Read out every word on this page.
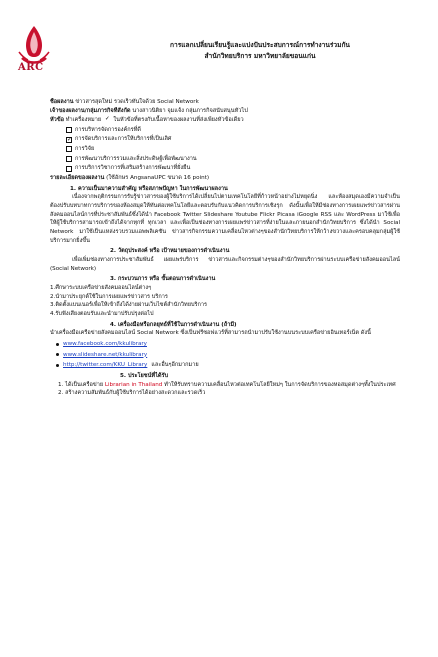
ARC
การแลกเปลี่ยนเรียนรู้และแบ่งปันประสบการณ์การทำงานร่วมกัน
สำนักวิทยบริการ มหาวิทยาลัยขอนแก่น
ชื่อผลงาน ข่าวสารสุดใหม่ รวดเร็วทันใจด้วย Social Network
เจ้าของผลงาน/กลุ่มภารกิจที่สังกัด นางสาวนิติยา จุมแจ้ง กลุ่มภารกิจสนับสนุนทั่วไป
หัวข้อ ทำเครื่องหมาย ✓ ในหัวข้อที่ตรงกับเนื้อหาของผลงานที่ส่งเพียงหัวข้อเดียว
การบริหารจัดการองค์กรที่ดี
✓
การจัดบริการและการให้บริการที่เป็นเลิศ
การวิจัย
การพัฒนาบริการรวมและสิ่งประดิษฐ์เพื่อพัฒนางาน
การบริการวิชาการที่เสริมสร้างการพัฒนาที่ยั่งยืน
รายละเอียดของผลงาน (ใช้อักษร AngsanaUPC ขนาด 16 point)
1. ความเป็นมาความสำคัญ หรือสภาพปัญหา ในการพัฒนาผลงาน
เนื่องจากพฤติกรรมการรับรู้ข่าวสารของผู้ใช้บริการได้เปลี่ยนไปตามเทคโนโลยีที่ก้าวหน้าอย่างไม่หยุดนิ่ง และห้องสมุดเองมีความจำเป็นต้องปรับบทบาทการบริการของห้องสมุดให้ทันต่อเทคโนโลยีและตอบรับกับแนวคิดการบริการเชิงรุก ดังนั้นเพื่อให้มีช่องทางการเผยแพร่ข่าวสารผ่านสังคมออนไลน์การที่ประชาสัมพันธ์ซึ่งได้นำ Facebook Twitter Slideshare Youtube Flickr Picasa iGoogle RSS และ WordPress มาใช้เพื่อให้ผู้ใช้บริการสามารถเข้าถึงได้จากทุกที่ ทุกเวลา และเพื่อเป็นช่องทางการเผยแพร่ข่าวสารที่ง่ายในและภายนอกสำนักวิทยบริการ ซึ่งได้นำ Social Network มาใช้เป็นแหล่งรวบรวมแอพพลิเคชัน ข่าวสารกิจกรรมความเคลื่อนไหวต่างๆของสำนักวิทยบริการให้กว้างขวางและครอบคลุมกลุ่มผู้ใช้บริการมากยิ่งขึ้น
2. วัตถุประสงค์ หรือ เป้าหมายของการดำเนินงาน
เพื่อเพิ่มช่องทางการประชาสัมพันธ์ เผยแพร่บริการ ข่าวสารและกิจกรรมต่างๆของสำนักวิทยบริการผ่านระบบเครือข่ายสังคมออนไลน์ (Social Network)
3. กระบวนการ หรือ ขั้นตอนการดำเนินงาน
1.ศึกษาระบบเครือข่ายสังคมออนไลน์ต่างๆ
2.นำมาประยุกต์ใช้ในการเผยแพร่ข่าวสาร บริการ
3.ติดตั้งแบนเนอร์เพื่อให้เข้าถึงได้ง่ายผ่านเว็บไซต์สำนักวิทยบริการ
4.รับฟังเสียงตอบรับและนำมาปรับปรุงต่อไป
4. เครื่องมือหรือกลยุทธ์ที่ใช้ในการดำเนินงาน (ถ้ามี)
นำเครื่องมือเครือข่ายสังคมออนไลน์ Social Network ซึ่งเป็นฟรีซอฟแวร์ที่สามารถนำมาปรับใช้งานบนระบบเครือข่ายอินเทอร์เน็ต ดังนี้
www.facebook.com/kkulibrary
www.slideshare.net/kkulibrary
http://twitter.com/KKU_Library และอื่นๆอีกมากมาย
5. ประโยชน์ที่ได้รับ
1. ได้เป็นเครือข่าย Librarian in Thailand ทำให้รับทราบความเคลื่อนไหวต่อเทคโนโลยีใหม่ๆ ในการจัดบริการของหอสมุดต่างๆทั้งในประเทศ
2. สร้างความสัมพันธ์กับผู้ใช้บริการได้อย่างสะดวกและรวดเร็ว
